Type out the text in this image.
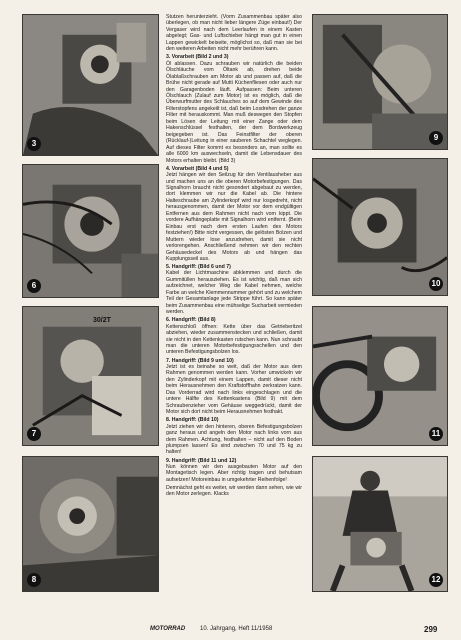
3
6
30/2T
7
8
9
10
11
12

Stutzen herunterzieht. (Vorm Zusammenbau später also überlegen, ob man nicht lieber längere Züge einbaut!) Der Vergaser wird nach dem Leerlaufen in einem Kasten abgelegt; Gas- und Luftschieber hängt man gut in einen Lappen gewickelt beiseite, möglichst so, daß man sie bei den weiteren Arbeiten nicht mehr berühren kann.

3. Vorarbeit (Bild 2 und 3)
Öl ablassen. Dazu schrauben wir natürlich die beiden Ölschläuche vom Öltank ab, drehen beide Ölablaßschrauben am Motor ab und passen auf, daß die Brühe nicht gerade auf Mutti Küchenfliesen oder auch nur den Garagenboden läuft. Aufpassen: Beim unteren Ölschlauch (Zulauf zum Motor) ist es möglich, daß die Überwurfmutter des Schlauches so auf dem Gewinde des Filterstopfens angekeilt ist, daß beim Losdrehen der ganze Filter mit herauskommt. Man muß deswegen den Stopfen beim Lösen der Leitung mit einer Zange oder dem Hakenschlüssel festhalten, der dem Bordwerkzeug beigegeben ist. Das Feinstfilter der oberen (Rücklauf-)Leitung in einer sauberen Schachtel weglegen. Auf dieses Filter kommt es besonders an, man sollte es alle 6000 km auswechseln, damit die Lebensdauer des Motors erhalten bleibt. (Bild 3)

4. Vorarbeit (Bild 4 und 5)
Jetzt hängen wir den Seilzug für den Ventilausheber aus und machen uns an die oberen Motorbefestigungen. Das Signalhorn braucht nicht gesondert abgebaut zu werden, dort klemmen wir nur die Kabel ab. Die hintere Halteschraube am Zylinderkopf wird nur losgedreht, nicht herausgenommen, damit der Motor vor dem endgültigen Entfernen aus dem Rahmen nicht nach vorn kippt. Die vordere Aufhängeplatte mit Signalhorn wird entfernt. (Beim Einbau erst nach dem ersten Laufen des Motors festziehen!) Bitte nicht vergessen, die gelösten Bolzen und Muttern wieder lose anzudrehen, damit sie nicht verlorengehen. Anschließend nehmen wir den rechten Gehäusedeckel des Motors ab und hängen das Kupplungsseil aus.

5. Handgriff: (Bild 6 und 7)
Kabel der Lichtmaschine abklemmen und durch die Gummitüllen herausziehen. Es ist wichtig, daß man sich aufzeichnet, welcher Weg die Kabel nehmen, welche Farbe an welche Klemmennummer gehört und zu welchem Teil der Gesamtanlage jede Strippe führt. So kann später beim Zusammenbau eine mühselige Sucharbeit vermieden werden.

6. Handgriff: (Bild 8)
Kettenschloß öffnen: Kette über das Getrieberitzel abziehen, wieder zusammenstecken und schließen, damit sie nicht in den Kettenkasten rutschen kann. Nun schraubt man die unteren Motorbefestigungsschellen und den unteren Befestigungsbolzen los.

7. Handgriff: (Bild 9 und 10)
Jetzt ist es beinahe so weit, daß der Motor aus dem Rahmen genommen werden kann. Vorher umwickeln wir den Zylinderkopf mit einem Lappen, damit dieser nicht beim Herausnehmen den Kraftstoffhahn zerkratzen kann. Das Vorderrad wird nach links eingeschlagen und die untere Hälfte des Kettenkastens (Bild 9) mit dem Schraubenzieher vom Gehäuse weggedrückt, damit der Motor sich dort nicht beim Herausnehmen festhakt.

8. Handgriff: (Bild 10)
Jetzt ziehen wir den hinteren, oberen Befestigungsbolzen ganz heraus und angeln den Motor nach links vorn aus dem Rahmen. Achtung, festhalten – nicht auf den Boden plumpsen lassen! Es sind zwischen 70 und 75 kg zu halten!

9. Handgriff: (Bild 11 und 12)
Nun können wir den ausgebauten Motor auf den Montagetisch legen. Aber richtig tragen und behutsam aufsetzen! Motoreinbau in umgekehrter Reihenfolge!

Demnächst geht es weiter, wir werden dann sehen, wie wir den Motor zerlegen. Klacks

MOTORRAD 10. Jahrgang, Heft 11/1958	299
